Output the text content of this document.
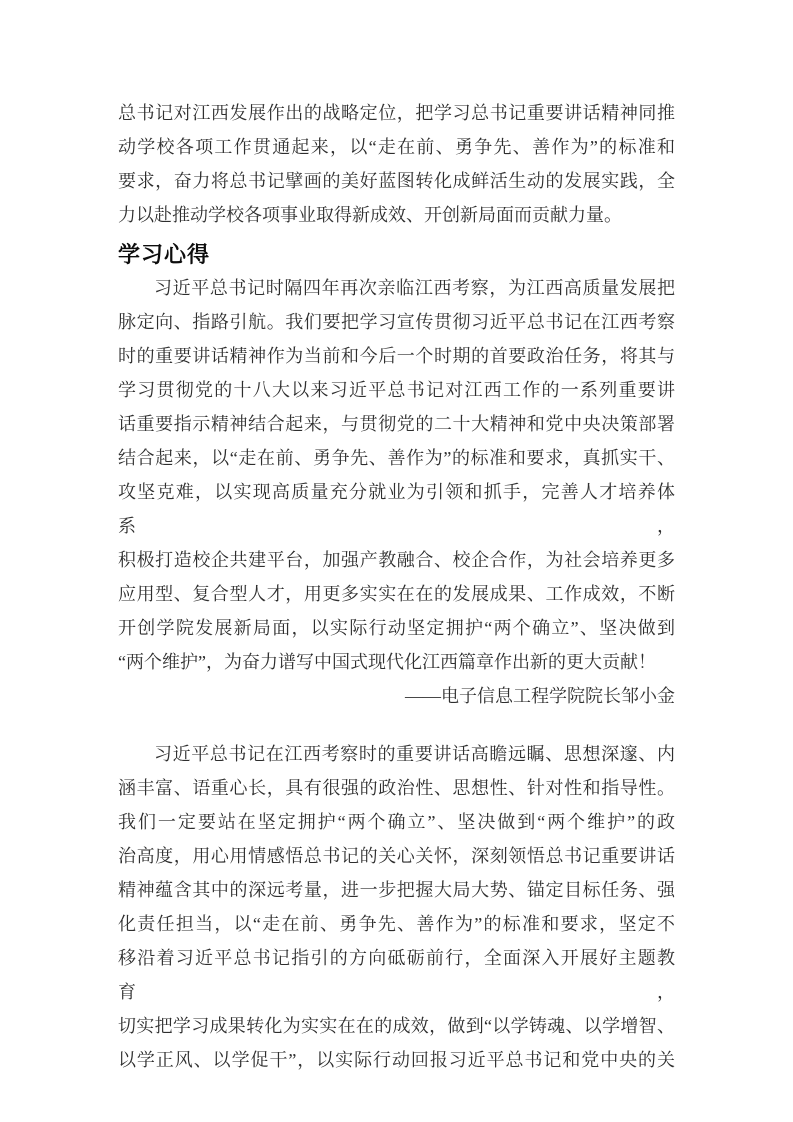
总书记对江西发展作出的战略定位，把学习总书记重要讲话精神同推
动学校各项工作贯通起来，以“走在前、勇争先、善作为”的标准和
要求，奋力将总书记擘画的美好蓝图转化成鲜活生动的发展实践，全
力以赴推动学校各项事业取得新成效、开创新局面而贡献力量。
学习心得
习近平总书记时隔四年再次亲临江西考察，为江西高质量发展把
脉定向、指路引航。我们要把学习宣传贯彻习近平总书记在江西考察
时的重要讲话精神作为当前和今后一个时期的首要政治任务，将其与
学习贯彻党的十八大以来习近平总书记对江西工作的一系列重要讲
话重要指示精神结合起来，与贯彻党的二十大精神和党中央决策部署
结合起来，以“走在前、勇争先、善作为”的标准和要求，真抓实干、
攻坚克难，以实现高质量充分就业为引领和抓手，完善人才培养体系，
积极打造校企共建平台，加强产教融合、校企合作，为社会培养更多
应用型、复合型人才，用更多实实在在的发展成果、工作成效，不断
开创学院发展新局面，以实际行动坚定拥护“两个确立”、坚决做到
“两个维护”，为奋力谱写中国式现代化江西篇章作出新的更大贡献！
——电子信息工程学院院长邹小金
习近平总书记在江西考察时的重要讲话高瞻远瞩、思想深邃、内
涵丰富、语重心长，具有很强的政治性、思想性、针对性和指导性。
我们一定要站在坚定拥护“两个确立”、坚决做到“两个维护”的政
治高度，用心用情感悟总书记的关心关怀，深刻领悟总书记重要讲话
精神蕴含其中的深远考量，进一步把握大局大势、锚定目标任务、强
化责任担当，以“走在前、勇争先、善作为”的标准和要求，坚定不
移沿着习近平总书记指引的方向砥砺前行，全面深入开展好主题教育，
切实把学习成果转化为实实在在的成效，做到“以学铸魂、以学增智、
以学正风、以学促干”，以实际行动回报习近平总书记和党中央的关
